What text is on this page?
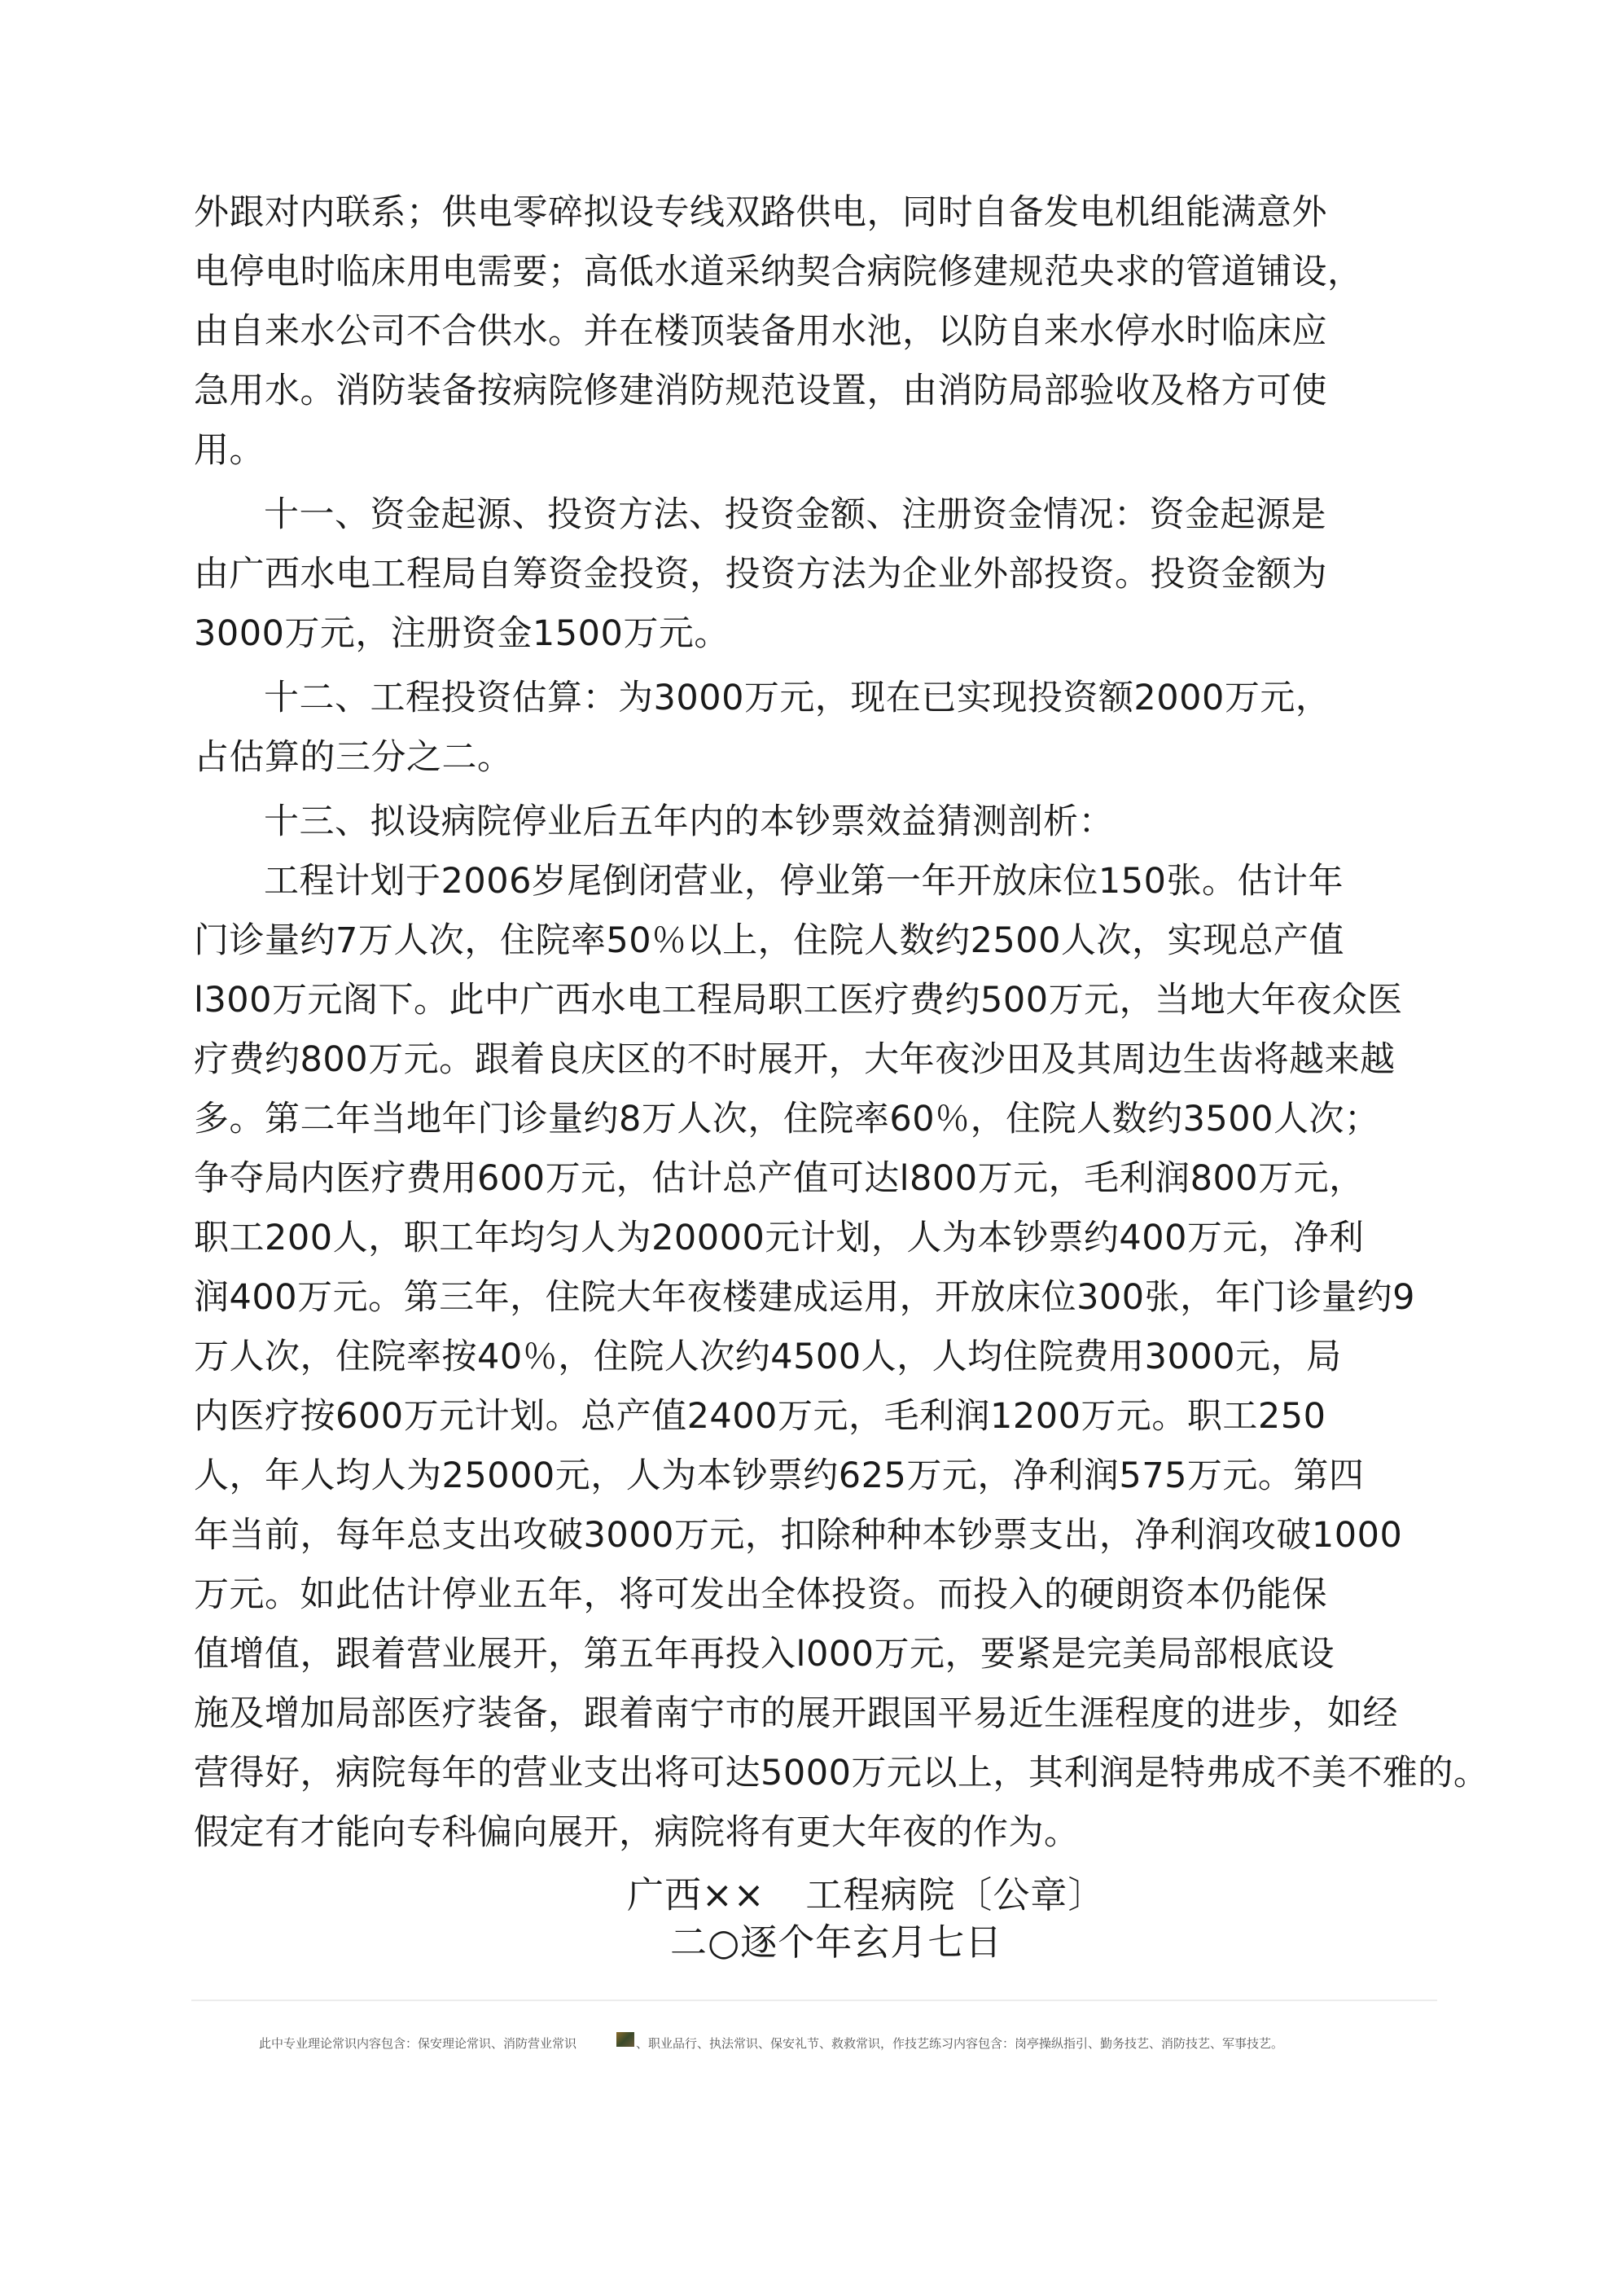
外跟对内联系；供电零碎拟设专线双路供电，同时自备发电机组能满意外
电停电时临床用电需要；高低水道采纳契合病院修建规范央求的管道铺设，
由自来水公司不合供水。并在楼顶装备用水池，以防自来水停水时临床应
急用水。消防装备按病院修建消防规范设置，由消防局部验收及格方可使
用。
十一、资金起源、投资方法、投资金额、注册资金情况：资金起源是
由广西水电工程局自筹资金投资，投资方法为企业外部投资。投资金额为
3000万元，注册资金1500万元。
十二、工程投资估算：为3000万元，现在已实现投资额2000万元，
占估算的三分之二。
十三、拟设病院停业后五年内的本钞票效益猜测剖析：
工程计划于2006岁尾倒闭营业，停业第一年开放床位150张。估计年
门诊量约7万人次，住院率50％以上，住院人数约2500人次，实现总产值
l300万元阁下。此中广西水电工程局职工医疗费约500万元，当地大年夜众医
疗费约800万元。跟着良庆区的不时展开，大年夜沙田及其周边生齿将越来越
多。第二年当地年门诊量约8万人次，住院率60％，住院人数约3500人次；
争夺局内医疗费用600万元，估计总产值可达l800万元，毛利润800万元，
职工200人，职工年均匀人为20000元计划，人为本钞票约400万元，净利
润400万元。第三年，住院大年夜楼建成运用，开放床位300张，年门诊量约9
万人次，住院率按40％，住院人次约4500人，人均住院费用3000元，局
内医疗按600万元计划。总产值2400万元，毛利润1200万元。职工250
人，年人均人为25000元，人为本钞票约625万元，净利润575万元。第四
年当前，每年总支出攻破3000万元，扣除种种本钞票支出，净利润攻破1000
万元。如此估计停业五年，将可发出全体投资。而投入的硬朗资本仍能保
值增值，跟着营业展开，第五年再投入l000万元，要紧是完美局部根底设
施及增加局部医疗装备，跟着南宁市的展开跟国平易近生涯程度的进步，如经
营得好，病院每年的营业支出将可达5000万元以上，其利润是特弗成不美不雅的。
假定有才能向专科偏向展开，病院将有更大年夜的作为。
广西×× 工程病院〔公章〕
二○逐个年玄月七日
此中专业理论常识内容包含：保安理论常识、消防营业常识	、职业品行、执法常识、保安礼节、救救常识，作技艺练习内容包含：岗亭操纵指引、勤务技艺、消防技艺、军事技艺。
